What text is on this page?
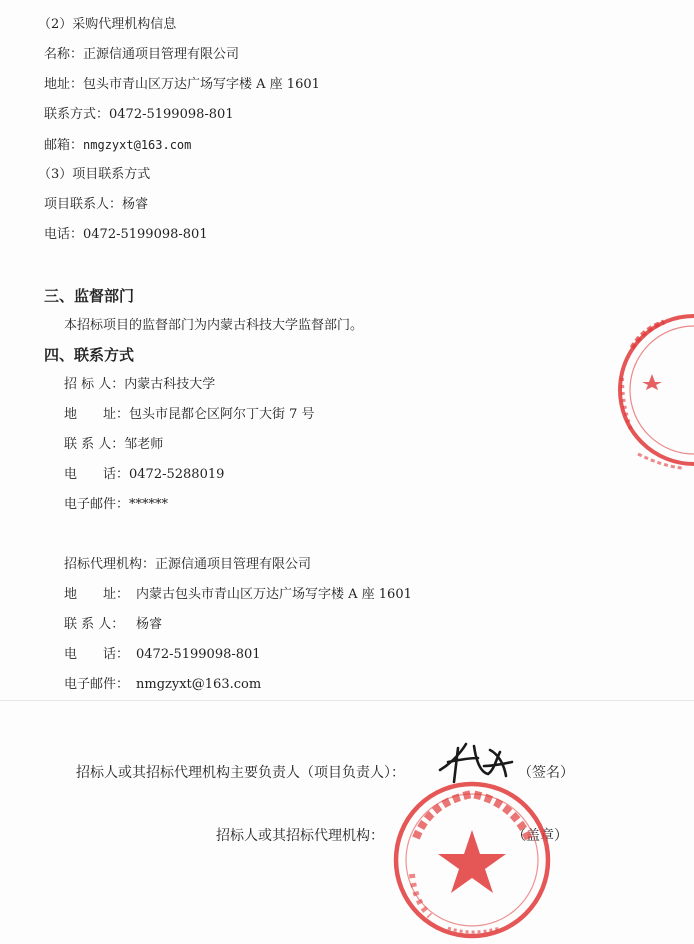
（2）采购代理机构信息
名称：正源信通项目管理有限公司
地址：包头市青山区万达广场写字楼 A 座 1601
联系方式：0472-5199098-801
邮箱：nmgzyxt@163.com
（3）项目联系方式
项目联系人：杨睿
电话：0472-5199098-801
三、监督部门
本招标项目的监督部门为内蒙古科技大学监督部门。
四、联系方式
招 标 人：内蒙古科技大学
地　　址：包头市昆都仑区阿尔丁大街 7 号
联 系 人：邹老师
电　　话：0472-5288019
电子邮件：******
招标代理机构：正源信通项目管理有限公司
地　　址： 内蒙古包头市青山区万达广场写字楼 A 座 1601
联 系 人： 杨睿
电　　话： 0472-5199098-801
电子邮件： nmgzyxt@163.com
招标人或其招标代理机构主要负责人（项目负责人）：	（签名）
招标人或其招标代理机构：	（盖章）
